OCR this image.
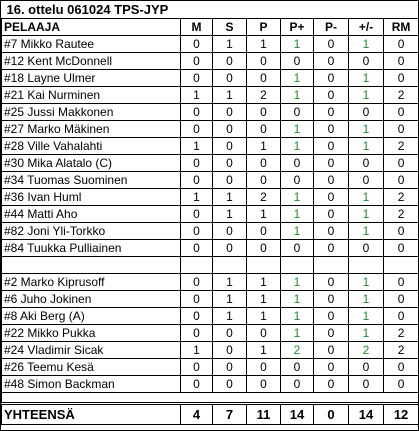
16. ottelu 061024 TPS-JYP							
PELAAJA	M	S	P	P+	P-	+/-	RM
#7 Mikko Rautee	0	1	1	1	0	1	0
#12 Kent McDonnell	0	0	0	0	0	0	0
#18 Layne Ulmer	0	0	0	1	0	1	0
#21 Kai Nurminen	1	1	2	1	0	1	2
#25 Jussi Makkonen	0	0	0	0	0	0	0
#27 Marko Mäkinen	0	0	0	1	0	1	0
#28 Ville Vahalahti	1	0	1	1	0	1	2
#30 Mika Alatalo (C)	0	0	0	0	0	0	0
#34 Tuomas Suominen	0	0	0	0	0	0	0
#36 Ivan Huml	1	1	2	1	0	1	2
#44 Matti Aho	0	1	1	1	0	1	2
#82 Joni Yli-Torkko	0	0	0	1	0	1	0
#84 Tuukka Pulliainen	0	0	0	0	0	0	0

#2 Marko Kiprusoff	0	1	1	1	0	1	0
#6 Juho Jokinen	0	1	1	1	0	1	0
#8 Aki Berg (A)	0	1	1	1	0	1	0
#22 Mikko Pukka	0	0	0	1	0	1	2
#24 Vladimir Sicak	1	0	1	2	0	2	2
#26 Teemu Kesä	0	0	0	0	0	0	0
#48 Simon Backman	0	0	0	0	0	0	0

YHTEENSÄ	4	7	11	14	0	14	12
